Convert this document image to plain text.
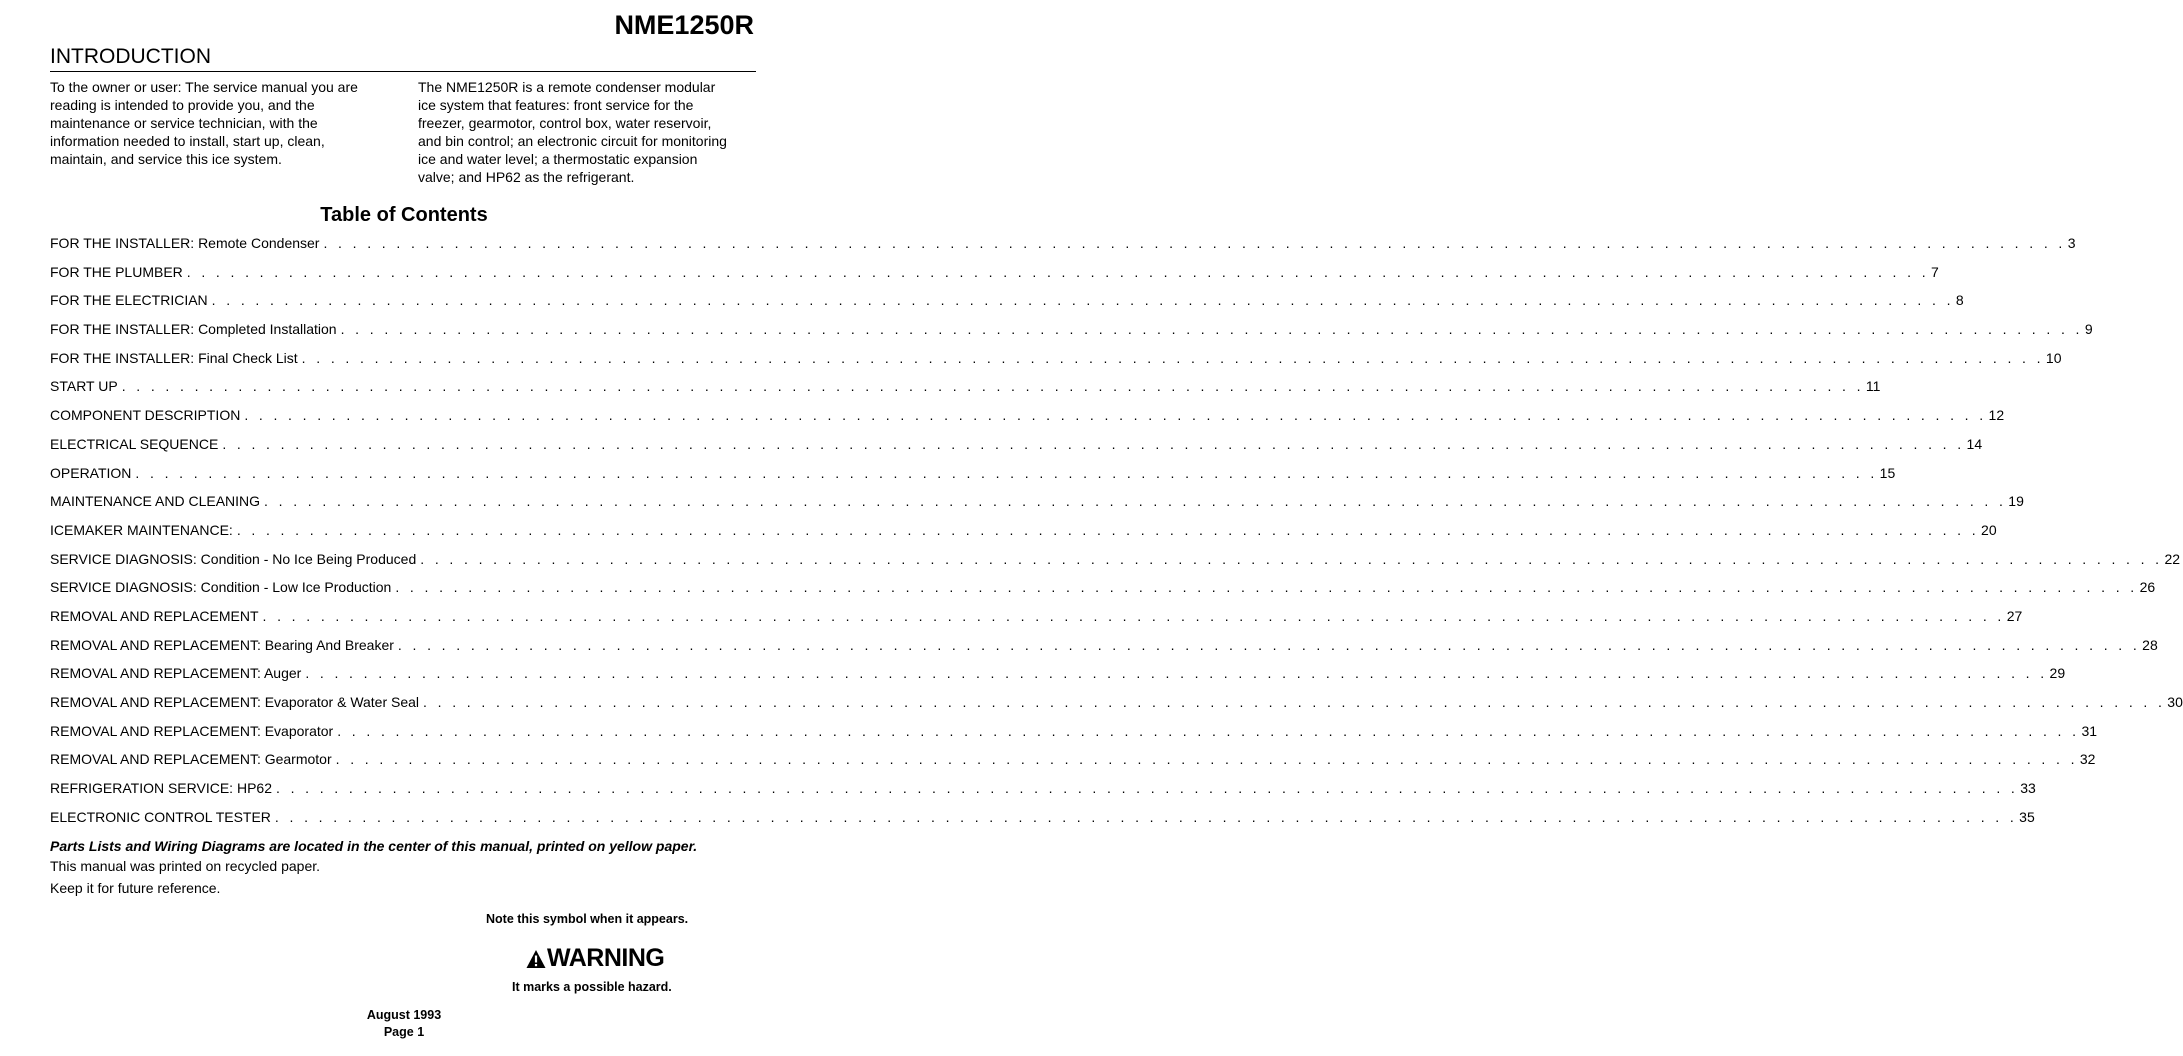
NME1250R
INTRODUCTION
To the owner or user: The service manual you are
reading is intended to provide you, and the
maintenance or service technician, with the
information needed to install, start up, clean,
maintain, and service this ice system.
The NME1250R is a remote condenser modular
ice system that features: front service for the
freezer, gearmotor, control box, water reservoir,
and bin control; an electronic circuit for monitoring
ice and water level; a thermostatic expansion
valve; and HP62 as the refrigerant.
Table of Contents
FOR THE INSTALLER: Remote Condenser . . . . . . . . . . . . . . . . . . . . . . . . . . . . . . . . . . . . . . . . . . . . . . . . . . . . . . . . . . . . . . . . . . . . . . . . . . . . . . . . . . . . . . . . . . . . . . . . . . . . . . . . . . . . . . . . . . . . . . . . 3
FOR THE PLUMBER . . . . . . . . . . . . . . . . . . . . . . . . . . . . . . . . . . . . . . . . . . . . . . . . . . . . . . . . . . . . . . . . . . . . . . . . . . . . . . . . . . . . . . . . . . . . . . . . . . . . . . . . . . . . . . . . . . . . . . . . 7
FOR THE ELECTRICIAN . . . . . . . . . . . . . . . . . . . . . . . . . . . . . . . . . . . . . . . . . . . . . . . . . . . . . . . . . . . . . . . . . . . . . . . . . . . . . . . . . . . . . . . . . . . . . . . . . . . . . . . . . . . . . . . . . . . . . . . . 8
FOR THE INSTALLER: Completed Installation . . . . . . . . . . . . . . . . . . . . . . . . . . . . . . . . . . . . . . . . . . . . . . . . . . . . . . . . . . . . . . . . . . . . . . . . . . . . . . . . . . . . . . . . . . . . . . . . . . . . . . . . . . . . . . . . . . . . . . . . 9
FOR THE INSTALLER: Final Check List . . . . . . . . . . . . . . . . . . . . . . . . . . . . . . . . . . . . . . . . . . . . . . . . . . . . . . . . . . . . . . . . . . . . . . . . . . . . . . . . . . . . . . . . . . . . . . . . . . . . . . . . . . . . . . . . . . . . . . . . 10
START UP . . . . . . . . . . . . . . . . . . . . . . . . . . . . . . . . . . . . . . . . . . . . . . . . . . . . . . . . . . . . . . . . . . . . . . . . . . . . . . . . . . . . . . . . . . . . . . . . . . . . . . . . . . . . . . . . . . . . . . . . 11
COMPONENT DESCRIPTION . . . . . . . . . . . . . . . . . . . . . . . . . . . . . . . . . . . . . . . . . . . . . . . . . . . . . . . . . . . . . . . . . . . . . . . . . . . . . . . . . . . . . . . . . . . . . . . . . . . . . . . . . . . . . . . . . . . . . . . . 12
ELECTRICAL SEQUENCE . . . . . . . . . . . . . . . . . . . . . . . . . . . . . . . . . . . . . . . . . . . . . . . . . . . . . . . . . . . . . . . . . . . . . . . . . . . . . . . . . . . . . . . . . . . . . . . . . . . . . . . . . . . . . . . . . . . . . . . . 14
OPERATION . . . . . . . . . . . . . . . . . . . . . . . . . . . . . . . . . . . . . . . . . . . . . . . . . . . . . . . . . . . . . . . . . . . . . . . . . . . . . . . . . . . . . . . . . . . . . . . . . . . . . . . . . . . . . . . . . . . . . . . . 15
MAINTENANCE AND CLEANING . . . . . . . . . . . . . . . . . . . . . . . . . . . . . . . . . . . . . . . . . . . . . . . . . . . . . . . . . . . . . . . . . . . . . . . . . . . . . . . . . . . . . . . . . . . . . . . . . . . . . . . . . . . . . . . . . . . . . . . . 19
ICEMAKER MAINTENANCE: . . . . . . . . . . . . . . . . . . . . . . . . . . . . . . . . . . . . . . . . . . . . . . . . . . . . . . . . . . . . . . . . . . . . . . . . . . . . . . . . . . . . . . . . . . . . . . . . . . . . . . . . . . . . . . . . . . . . . . . . 20
SERVICE DIAGNOSIS: Condition - No Ice Being Produced . . . . . . . . . . . . . . . . . . . . . . . . . . . . . . . . . . . . . . . . . . . . . . . . . . . . . . . . . . . . . . . . . . . . . . . . . . . . . . . . . . . . . . . . . . . . . . . . . . . . . . . . . . . . . . . . . . . . . . . . 22
SERVICE DIAGNOSIS: Condition - Low Ice Production . . . . . . . . . . . . . . . . . . . . . . . . . . . . . . . . . . . . . . . . . . . . . . . . . . . . . . . . . . . . . . . . . . . . . . . . . . . . . . . . . . . . . . . . . . . . . . . . . . . . . . . . . . . . . . . . . . . . . . . . 26
REMOVAL AND REPLACEMENT . . . . . . . . . . . . . . . . . . . . . . . . . . . . . . . . . . . . . . . . . . . . . . . . . . . . . . . . . . . . . . . . . . . . . . . . . . . . . . . . . . . . . . . . . . . . . . . . . . . . . . . . . . . . . . . . . . . . . . . . 27
REMOVAL AND REPLACEMENT: Bearing And Breaker . . . . . . . . . . . . . . . . . . . . . . . . . . . . . . . . . . . . . . . . . . . . . . . . . . . . . . . . . . . . . . . . . . . . . . . . . . . . . . . . . . . . . . . . . . . . . . . . . . . . . . . . . . . . . . . . . . . . . . . . 28
REMOVAL AND REPLACEMENT: Auger . . . . . . . . . . . . . . . . . . . . . . . . . . . . . . . . . . . . . . . . . . . . . . . . . . . . . . . . . . . . . . . . . . . . . . . . . . . . . . . . . . . . . . . . . . . . . . . . . . . . . . . . . . . . . . . . . . . . . . . . 29
REMOVAL AND REPLACEMENT: Evaporator & Water Seal . . . . . . . . . . . . . . . . . . . . . . . . . . . . . . . . . . . . . . . . . . . . . . . . . . . . . . . . . . . . . . . . . . . . . . . . . . . . . . . . . . . . . . . . . . . . . . . . . . . . . . . . . . . . . . . . . . . . . . . . 30
REMOVAL AND REPLACEMENT: Evaporator . . . . . . . . . . . . . . . . . . . . . . . . . . . . . . . . . . . . . . . . . . . . . . . . . . . . . . . . . . . . . . . . . . . . . . . . . . . . . . . . . . . . . . . . . . . . . . . . . . . . . . . . . . . . . . . . . . . . . . . . 31
REMOVAL AND REPLACEMENT: Gearmotor . . . . . . . . . . . . . . . . . . . . . . . . . . . . . . . . . . . . . . . . . . . . . . . . . . . . . . . . . . . . . . . . . . . . . . . . . . . . . . . . . . . . . . . . . . . . . . . . . . . . . . . . . . . . . . . . . . . . . . . . 32
REFRIGERATION SERVICE: HP62 . . . . . . . . . . . . . . . . . . . . . . . . . . . . . . . . . . . . . . . . . . . . . . . . . . . . . . . . . . . . . . . . . . . . . . . . . . . . . . . . . . . . . . . . . . . . . . . . . . . . . . . . . . . . . . . . . . . . . . . . 33
ELECTRONIC CONTROL TESTER . . . . . . . . . . . . . . . . . . . . . . . . . . . . . . . . . . . . . . . . . . . . . . . . . . . . . . . . . . . . . . . . . . . . . . . . . . . . . . . . . . . . . . . . . . . . . . . . . . . . . . . . . . . . . . . . . . . . . . . . 35
Parts Lists and Wiring Diagrams are located in the center of this manual, printed on yellow paper.
This manual was printed on recycled paper.
Keep it for future reference.
Note this symbol when it appears.
WARNING
It marks a possible hazard.
August 1993
Page 1
